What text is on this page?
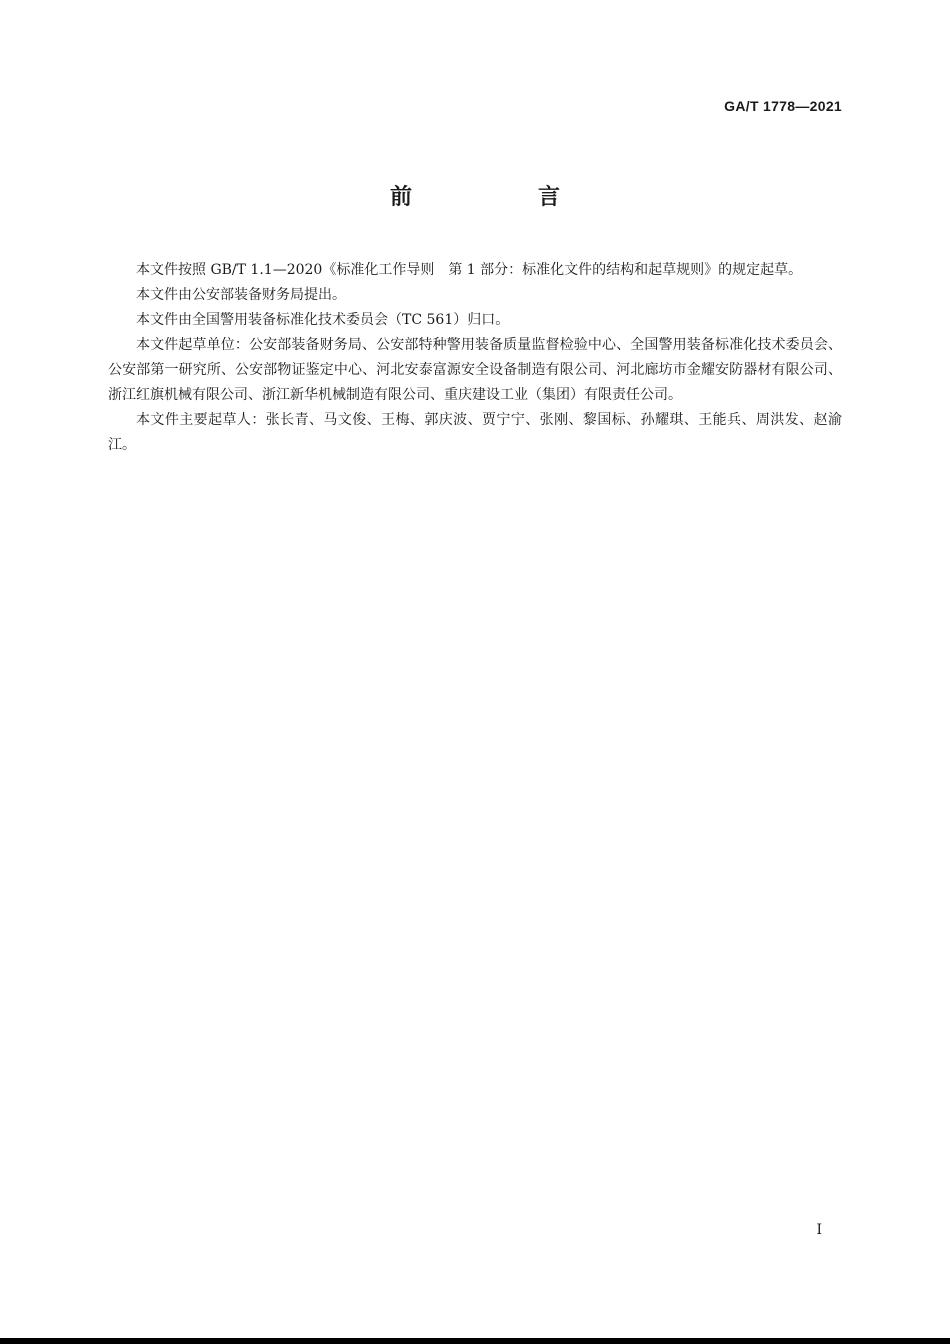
GA/T 1778—2021
前　言

本文件按照 GB/T 1.1—2020《标准化工作导则　第 1 部分：标准化文件的结构和起草规则》的规定起草。

本文件由公安部装备财务局提出。

本文件由全国警用装备标准化技术委员会（TC 561）归口。

本文件起草单位：公安部装备财务局、公安部特种警用装备质量监督检验中心、全国警用装备标准化技术委员会、公安部第一研究所、公安部物证鉴定中心、河北安泰富源安全设备制造有限公司、河北廊坊市金耀安防器材有限公司、浙江红旗机械有限公司、浙江新华机械制造有限公司、重庆建设工业（集团）有限责任公司。

本文件主要起草人：张长青、马文俊、王梅、郭庆波、贾宁宁、张刚、黎国标、孙耀琪、王能兵、周洪发、赵渝江。

I
